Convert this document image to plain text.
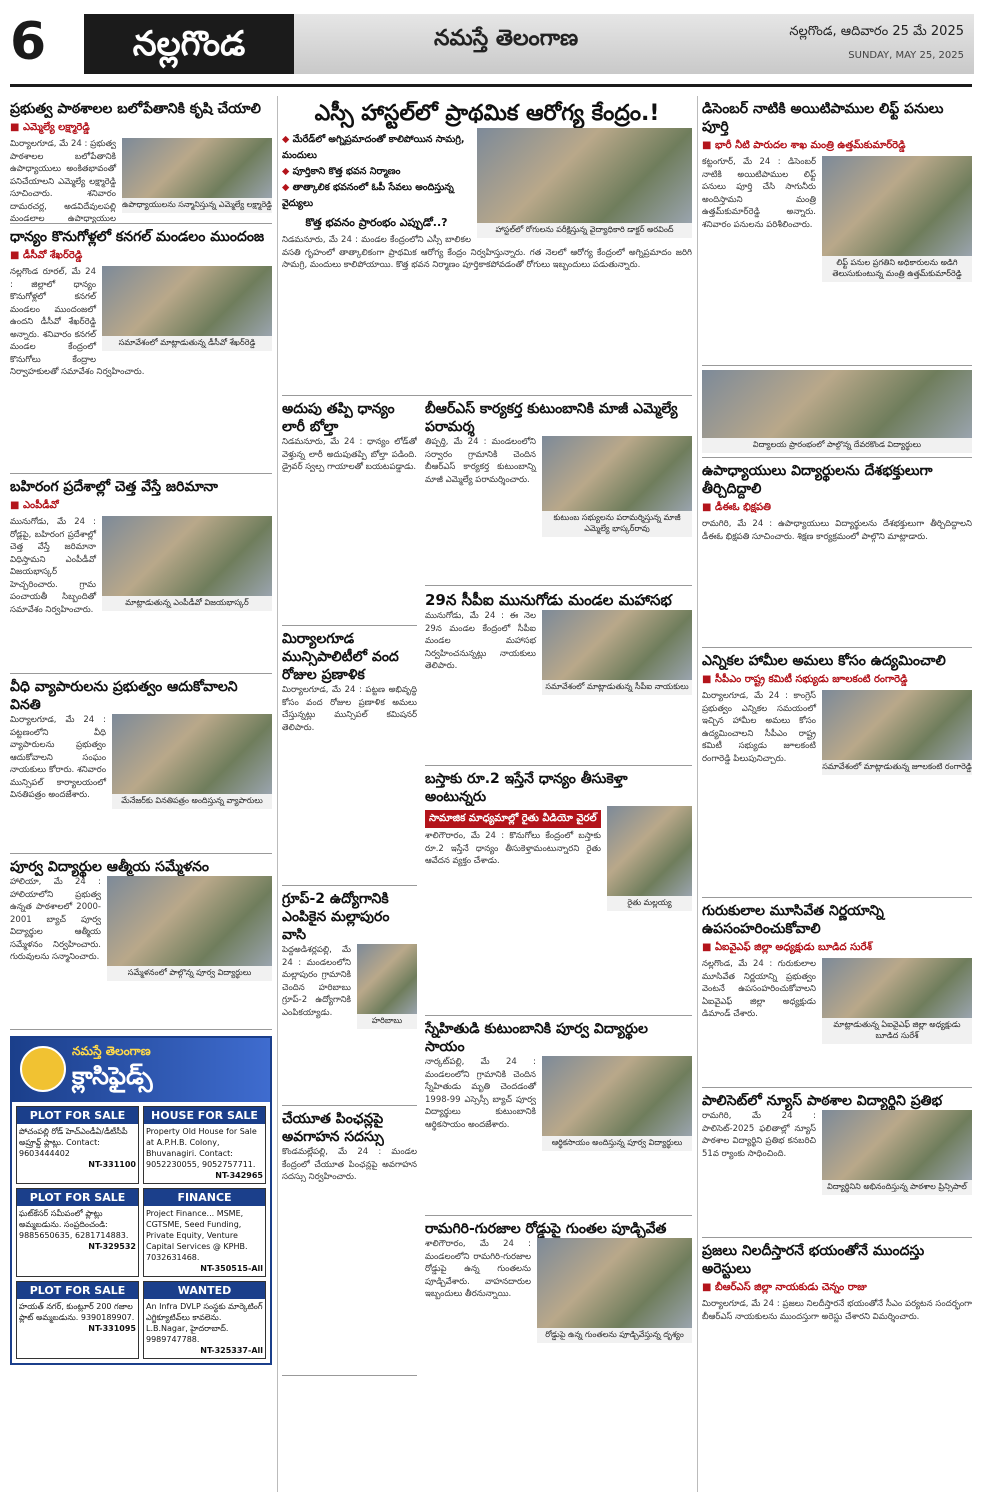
6	నల్లగొండ	నమస్తే తెలంగాణ	నల్లగొండ, ఆదివారం 25 మే 2025
SUNDAY, MAY 25, 2025
ప్రభుత్వ పాఠశాలల బలోపేతానికి కృషి చేయాలి
■ ఎమ్మెల్యే లక్ష్మారెడ్డి
ఉపాధ్యాయులను సన్మానిస్తున్న ఎమ్మెల్యే లక్ష్మారెడ్డి
మిర్యాలగూడ, మే 24 : ప్రభుత్వ పాఠశాలల బలోపేతానికి ఉపాధ్యాయులు అంకితభావంతో పనిచేయాలని ఎమ్మెల్యే లక్ష్మారెడ్డి సూచించారు. శనివారం దామరచర్ల, అడవిదేవులపల్లి మండలాల ఉపాధ్యాయుల
ధాన్యం కొనుగోళ్లలో కనగల్ మండలం ముందంజ
■ డీసీవో శేఖర్‌రెడ్డి
సమావేశంలో మాట్లాడుతున్న డీసీవో శేఖర్‌రెడ్డి
నల్లగొండ రూరల్, మే 24 : జిల్లాలో ధాన్యం కొనుగోళ్లలో కనగల్ మండలం ముందంజలో ఉందని డీసీవో శేఖర్‌రెడ్డి అన్నారు. శనివారం కనగల్ మండల కేంద్రంలో కొనుగోలు కేంద్రాల నిర్వాహకులతో సమావేశం నిర్వహించారు.
బహిరంగ ప్రదేశాల్లో చెత్త వేస్తే జరిమానా
■ ఎంపీడీవో
మాట్లాడుతున్న ఎంపీడీవో విజయభాస్కర్
మునుగోడు, మే 24 : రోడ్లపై, బహిరంగ ప్రదేశాల్లో చెత్త వేస్తే జరిమానా విధిస్తామని ఎంపీడీవో విజయభాస్కర్ హెచ్చరించారు. గ్రామ పంచాయతీ సిబ్బందితో సమావేశం నిర్వహించారు.
వీధి వ్యాపారులను ప్రభుత్వం ఆదుకోవాలని వినతి
మేనేజర్‌కు వినతిపత్రం అందిస్తున్న వ్యాపారులు
మిర్యాలగూడ, మే 24 : పట్టణంలోని వీధి వ్యాపారులను ప్రభుత్వం ఆదుకోవాలని సంఘం నాయకులు కోరారు. శనివారం మున్సిపల్ కార్యాలయంలో వినతిపత్రం అందజేశారు.
పూర్వ విద్యార్థుల ఆత్మీయ సమ్మేళనం
సమ్మేళనంలో పాల్గొన్న పూర్వ విద్యార్థులు
హాలియా, మే 24 : హాలియాలోని ప్రభుత్వ ఉన్నత పాఠశాలలో 2000-2001 బ్యాచ్ పూర్వ విద్యార్థుల ఆత్మీయ సమ్మేళనం నిర్వహించారు. గురువులను సన్మానించారు.
నమస్తే తెలంగాణ
క్లాసిఫైడ్స్
PLOT FOR SALE
పోచంపల్లి రోడ్ హెచ్ఎండీఏ/డీటీసీపీ అప్రూవ్డ్ ప్లాట్లు. Contact: 9603444402
NT-331100
HOUSE FOR SALE
Property Old House for Sale at A.P.H.B. Colony, Bhuvanagiri. Contact: 9052230055, 9052757711.
NT-342965
PLOT FOR SALE
ఘట్‌కేసర్ సమీపంలో ప్లాట్లు అమ్మబడును. సంప్రదించండి: 9885650635, 6281714883.
NT-329532
FINANCE
Project Finance... MSME, CGTSME, Seed Funding, Private Equity, Venture Capital Services @ KPHB. 7032631468.
NT-350515-All
PLOT FOR SALE
హయత్ నగర్, కుంట్లూర్ 200 గజాల ప్లాట్ అమ్మబడును. 9390189907.
NT-331095
WANTED
An Infra DVLP సంస్థకు మార్కెటింగ్ ఎగ్జిక్యూటివ్‌లు కావలెను. L.B.Nagar, హైదరాబాద్. 9989747788.
NT-325337-All
ఎస్సీ హాస్టల్‌లో ప్రాథమిక ఆరోగ్య కేంద్రం.!
హాస్టల్‌లో రోగులను పరీక్షిస్తున్న వైద్యాధికారి డాక్టర్ అరవింద్
◆ మేరేడ్‌లో అగ్నిప్రమాదంతో కాలిపోయిన సామగ్రి, మందులు
◆ పూర్తికాని కొత్త భవన నిర్మాణం
◆ తాత్కాలిక భవనంలో ఓపీ సేవలు అందిస్తున్న వైద్యులు
కొత్త భవనం ప్రారంభం ఎప్పుడో..?
నిడమనూరు, మే 24 : మండల కేంద్రంలోని ఎస్సీ బాలికల వసతి గృహంలో తాత్కాలికంగా ప్రాథమిక ఆరోగ్య కేంద్రం నిర్వహిస్తున్నారు. గత నెలలో ఆరోగ్య కేంద్రంలో అగ్నిప్రమాదం జరిగి సామగ్రి, మందులు కాలిపోయాయి. కొత్త భవన నిర్మాణం పూర్తికాకపోవడంతో రోగులు ఇబ్బందులు పడుతున్నారు.
అదుపు తప్పి ధాన్యం లారీ బోల్తా
నిడమనూరు, మే 24 : ధాన్యం లోడ్‌తో వెళ్తున్న లారీ అదుపుతప్పి బోల్తా పడింది. డ్రైవర్ స్వల్ప గాయాలతో బయటపడ్డాడు.
మిర్యాలగూడ మున్సిపాలిటీలో వంద రోజుల ప్రణాళిక
మిర్యాలగూడ, మే 24 : పట్టణ అభివృద్ధి కోసం వంద రోజుల ప్రణాళిక అమలు చేస్తున్నట్లు మున్సిపల్ కమిషనర్ తెలిపారు.
గ్రూప్-2 ఉద్యోగానికి ఎంపికైన మల్లాపురం వాసి
హరిబాబు
పెద్దఅడిశర్లపల్లి, మే 24 : మండలంలోని మల్లాపురం గ్రామానికి చెందిన హరిబాబు గ్రూప్-2 ఉద్యోగానికి ఎంపికయ్యాడు.
చేయూత పింఛన్లపై అవగాహన సదస్సు
కొండమల్లేపల్లి, మే 24 : మండల కేంద్రంలో చేయూత పింఛన్లపై అవగాహన సదస్సు నిర్వహించారు.
బీఆర్ఎస్ కార్యకర్త కుటుంబానికి మాజీ ఎమ్మెల్యే పరామర్శ
కుటుంబ సభ్యులను పరామర్శిస్తున్న మాజీ ఎమ్మెల్యే భాస్కర్‌రావు
తిప్పర్తి, మే 24 : మండలంలోని సర్వారం గ్రామానికి చెందిన బీఆర్ఎస్ కార్యకర్త కుటుంబాన్ని మాజీ ఎమ్మెల్యే పరామర్శించారు.
29న సీపీఐ మునుగోడు మండల మహాసభ
సమావేశంలో మాట్లాడుతున్న సీపీఐ నాయకులు
మునుగోడు, మే 24 : ఈ నెల 29న మండల కేంద్రంలో సీపీఐ మండల మహాసభ నిర్వహించనున్నట్లు నాయకులు తెలిపారు.
బస్తాకు రూ.2 ఇస్తేనే ధాన్యం తీసుకెళ్తా అంటున్నరు
సామాజిక మాధ్యమాల్లో రైతు వీడియో వైరల్
రైతు మల్లయ్య
శాలిగౌరారం, మే 24 : కొనుగోలు కేంద్రంలో బస్తాకు రూ.2 ఇస్తేనే ధాన్యం తీసుకెళ్తామంటున్నారని రైతు ఆవేదన వ్యక్తం చేశాడు.
స్నేహితుడి కుటుంబానికి పూర్వ విద్యార్థుల సాయం
ఆర్థికసాయం అందిస్తున్న పూర్వ విద్యార్థులు
నార్కట్‌పల్లి, మే 24 : మండలంలోని గ్రామానికి చెందిన స్నేహితుడు మృతి చెందడంతో 1998-99 ఎస్సెస్సీ బ్యాచ్ పూర్వ విద్యార్థులు కుటుంబానికి ఆర్థికసాయం అందజేశారు.
రామగిరి-గురజాల రోడ్డుపై గుంతల పూడ్చివేత
రోడ్డుపై ఉన్న గుంతలను పూడ్చివేస్తున్న దృశ్యం
శాలిగౌరారం, మే 24 : మండలంలోని రామగిరి-గురజాల రోడ్డుపై ఉన్న గుంతలను పూడ్చివేశారు. వాహనదారుల ఇబ్బందులు తీరనున్నాయి.
డిసెంబర్ నాటికి అయిటిపాముల లిఫ్ట్ పనులు పూర్తి
■ భారీ నీటి పారుదల శాఖ మంత్రి ఉత్తమ్‌కుమార్‌రెడ్డి
లిఫ్ట్ పనుల ప్రగతిని అధికారులను అడిగి తెలుసుకుంటున్న మంత్రి ఉత్తమ్‌కుమార్‌రెడ్డి
కట్టంగూర్, మే 24 : డిసెంబర్ నాటికి అయిటిపాముల లిఫ్ట్ పనులు పూర్తి చేసి సాగునీరు అందిస్తామని మంత్రి ఉత్తమ్‌కుమార్‌రెడ్డి అన్నారు. శనివారం పనులను పరిశీలించారు.
విద్యాలయ ప్రారంభంలో పాల్గొన్న దేవరకొండ విద్యార్థులు
ఉపాధ్యాయులు విద్యార్థులను దేశభక్తులుగా తీర్చిదిద్దాలి
■ డీఈఓ భిక్షపతి
రామగిరి, మే 24 : ఉపాధ్యాయులు విద్యార్థులను దేశభక్తులుగా తీర్చిదిద్దాలని డీఈఓ భిక్షపతి సూచించారు. శిక్షణ కార్యక్రమంలో పాల్గొని మాట్లాడారు.
ఎన్నికల హామీల అమలు కోసం ఉద్యమించాలి
■ సీపీఎం రాష్ట్ర కమిటీ సభ్యుడు జూలకంటి రంగారెడ్డి
సమావేశంలో మాట్లాడుతున్న జూలకంటి రంగారెడ్డి
మిర్యాలగూడ, మే 24 : కాంగ్రెస్ ప్రభుత్వం ఎన్నికల సమయంలో ఇచ్చిన హామీల అమలు కోసం ఉద్యమించాలని సీపీఎం రాష్ట్ర కమిటీ సభ్యుడు జూలకంటి రంగారెడ్డి పిలుపునిచ్చారు.
గురుకులాల మూసివేత నిర్ణయాన్ని ఉపసంహరించుకోవాలి
■ ఏఐవైఎఫ్ జిల్లా అధ్యక్షుడు బూడిద సురేశ్
మాట్లాడుతున్న ఏఐవైఎఫ్ జిల్లా అధ్యక్షుడు బూడిద సురేశ్
నల్లగొండ, మే 24 : గురుకులాల మూసివేత నిర్ణయాన్ని ప్రభుత్వం వెంటనే ఉపసంహరించుకోవాలని ఏఐవైఎఫ్ జిల్లా అధ్యక్షుడు డిమాండ్ చేశారు.
పాలిసెట్‌లో న్యూస్ పాఠశాల విద్యార్థిని ప్రతిభ
విద్యార్థినిని అభినందిస్తున్న పాఠశాల ప్రిన్సిపాల్
రామగిరి, మే 24 : పాలిసెట్-2025 ఫలితాల్లో న్యూస్ పాఠశాల విద్యార్థిని ప్రతిభ కనబరిచి 51వ ర్యాంకు సాధించింది.
ప్రజలు నిలదీస్తారనే భయంతోనే ముందస్తు అరెస్టులు
■ బీఆర్ఎస్ జిల్లా నాయకుడు చెన్నం రాజు
మిర్యాలగూడ, మే 24 : ప్రజలు నిలదీస్తారనే భయంతోనే సీఎం పర్యటన సందర్భంగా బీఆర్ఎస్ నాయకులను ముందస్తుగా అరెస్టు చేశారని విమర్శించారు.
